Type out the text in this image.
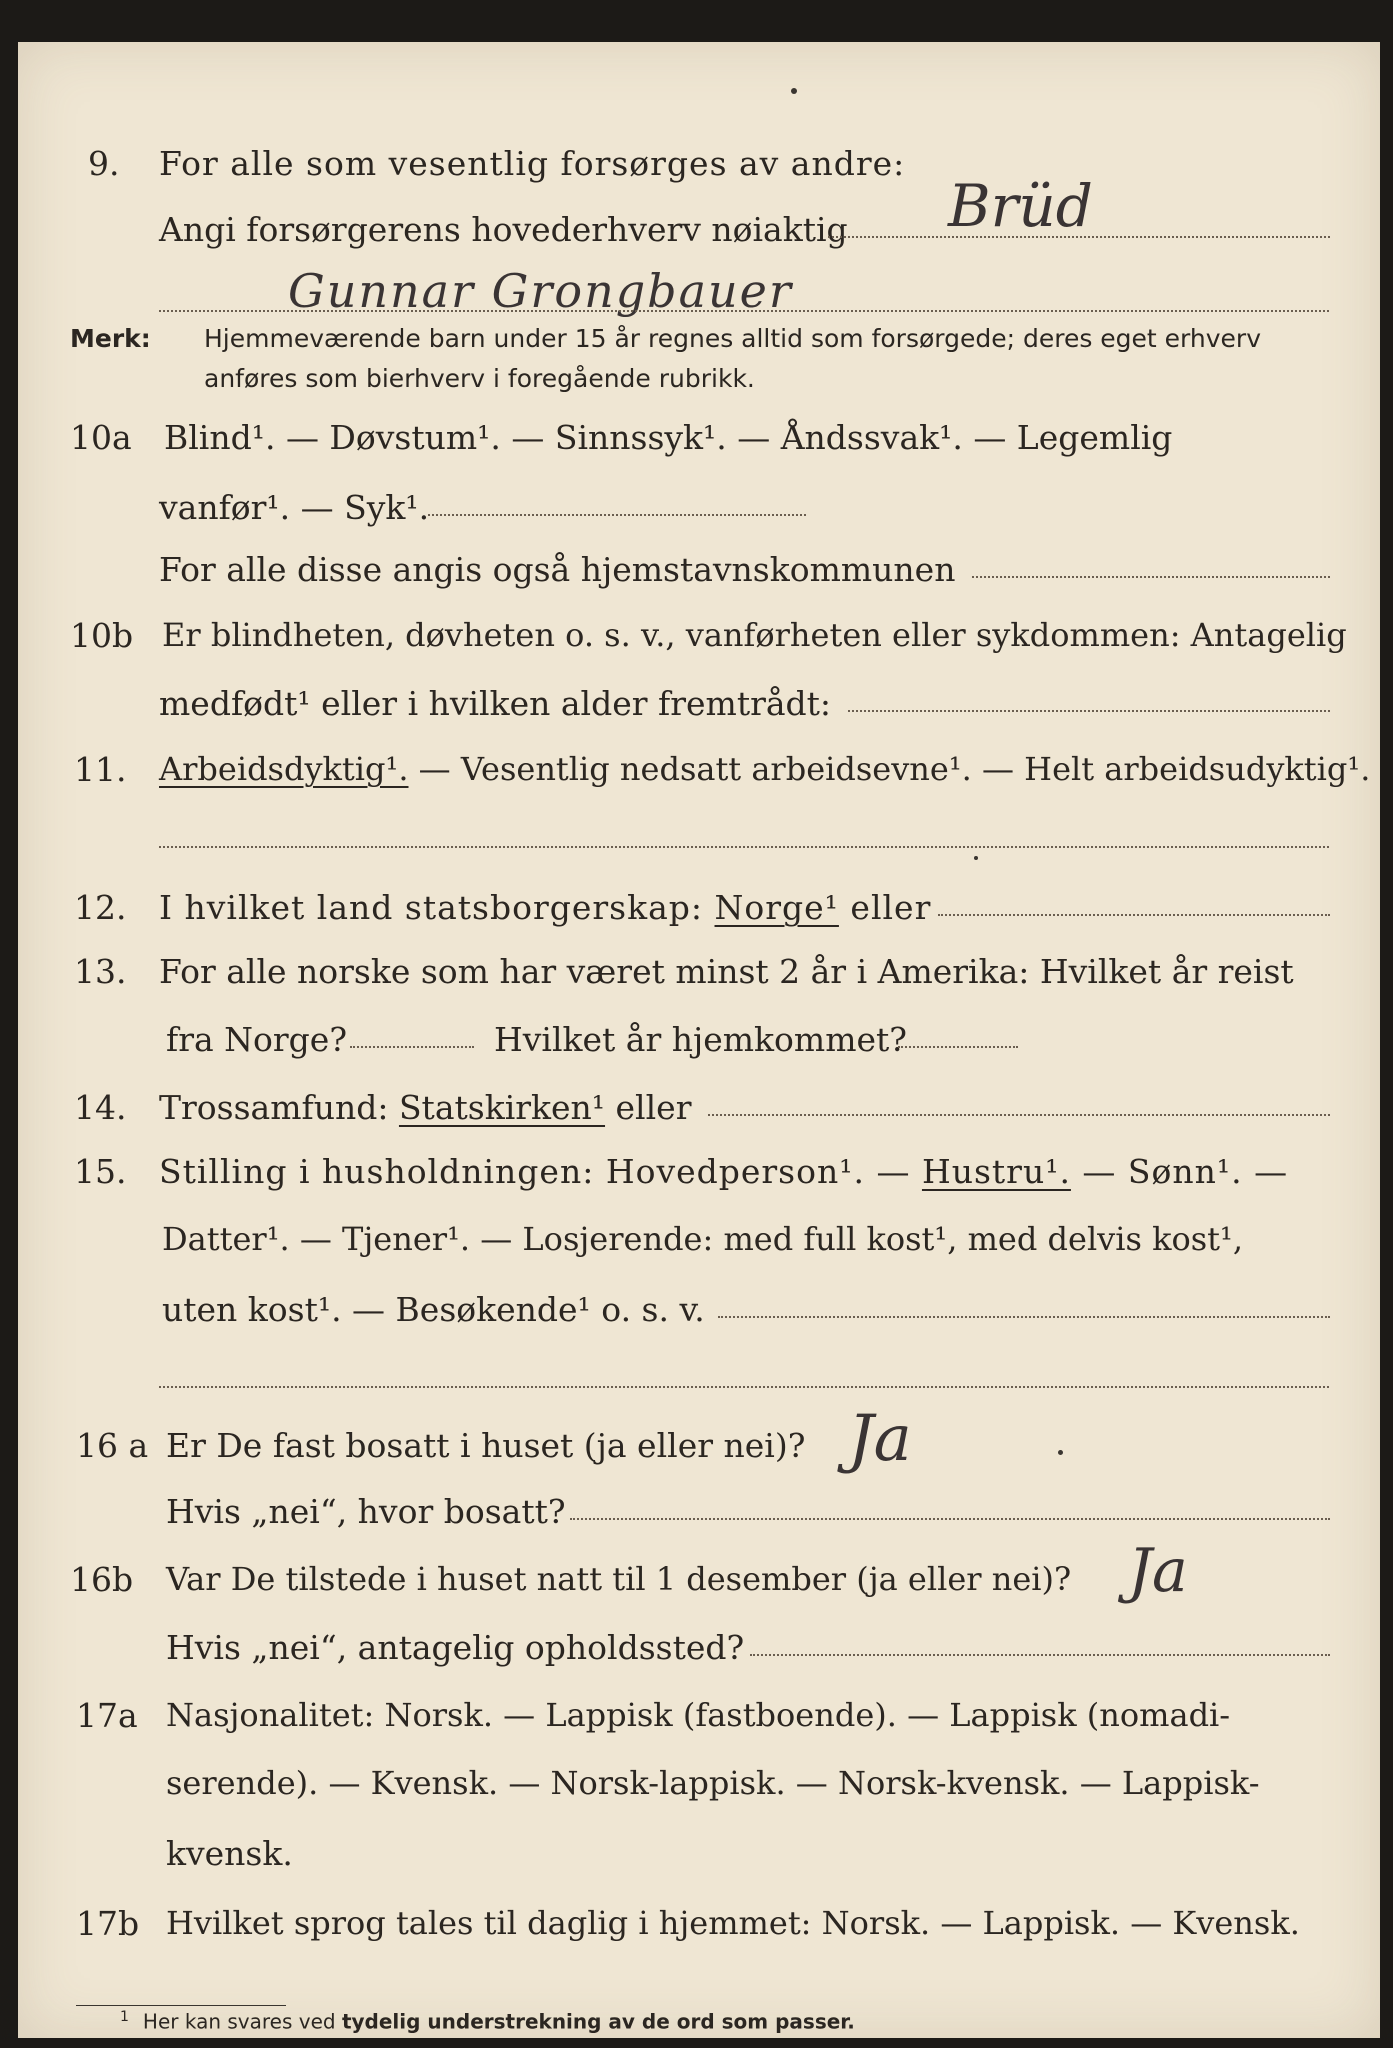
9. For alle som vesentlig forsørges av andre:
Angi forsørgerens hovederhverv nøiaktig Brüd
Gunnar Grongbauer
Merk: Hjemmeværende barn under 15 år regnes alltid som forsørgede; deres eget erhverv
anføres som bierhverv i foregående rubrikk.
10a Blind¹. — Døvstum¹. — Sinnssyk¹. — Åndssvak¹. — Legemlig
vanfør¹. — Syk¹.
For alle disse angis også hjemstavnskommunen
10b Er blindheten, døvheten o. s. v., vanførheten eller sykdommen: Antagelig
medfødt¹ eller i hvilken alder fremtrådt:
11. Arbeidsdyktig¹. — Vesentlig nedsatt arbeidsevne¹. — Helt arbeidsudyktig¹.
12. I hvilket land statsborgerskap: Norge¹ eller
13. For alle norske som har været minst 2 år i Amerika: Hvilket år reist
fra Norge?	Hvilket år hjemkommet?
14. Trossamfund: Statskirken¹ eller
15. Stilling i husholdningen: Hovedperson¹. — Hustru¹. — Sønn¹. —
Datter¹. — Tjener¹. — Losjerende: med full kost¹, med delvis kost¹,
uten kost¹. — Besøkende¹ o. s. v.
16 a Er De fast bosatt i huset (ja eller nei)? Ja
Hvis „nei“, hvor bosatt?
16b Var De tilstede i huset natt til 1 desember (ja eller nei)? Ja
Hvis „nei“, antagelig opholdssted?
17a Nasjonalitet: Norsk. — Lappisk (fastboende). — Lappisk (nomadi-
serende). — Kvensk. — Norsk-lappisk. — Norsk-kvensk. — Lappisk-
kvensk.
17b Hvilket sprog tales til daglig i hjemmet: Norsk. — Lappisk. — Kvensk.
$^1$ Her kan svares ved tydelig understrekning av de ord som passer.
